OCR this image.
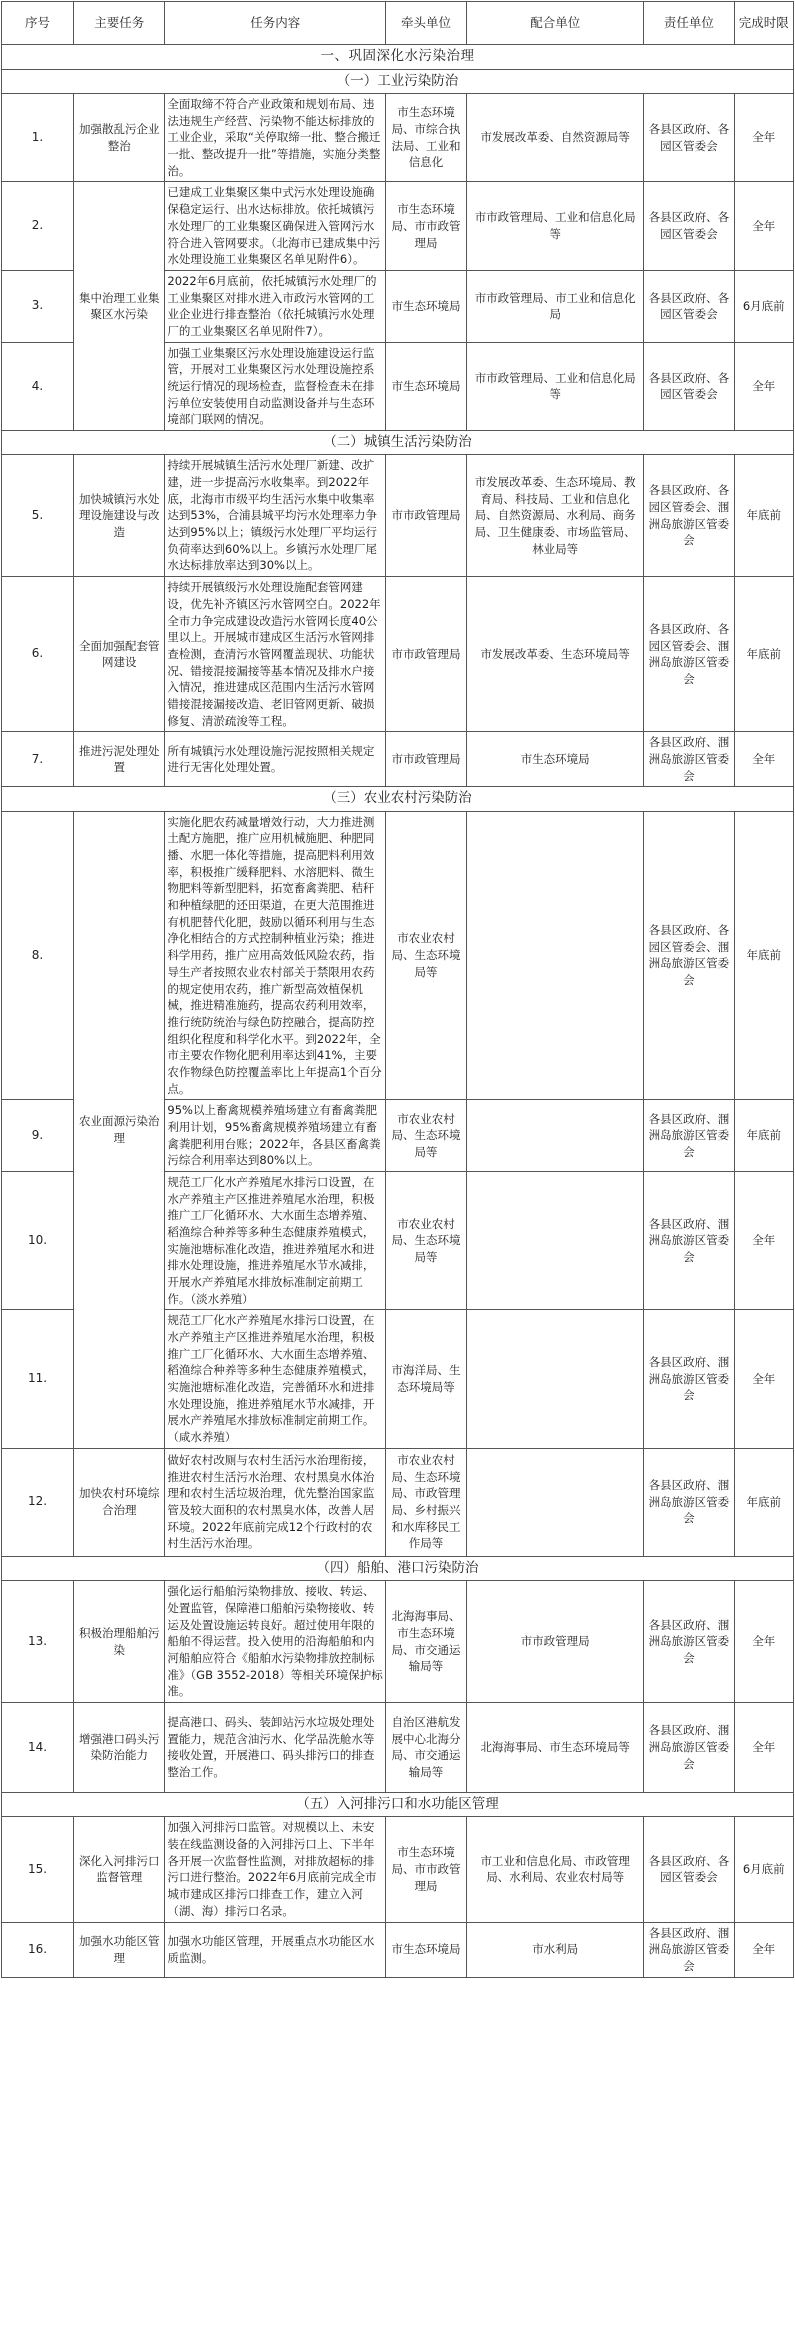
序号	主要任务	任务内容	牵头单位	配合单位	责任单位	完成时限
一、巩固深化水污染治理						
（一）工业污染防治						
1.	加强散乱污企业整治	全面取缔不符合产业政策和规划布局、违法违规生产经营、污染物不能达标排放的工业企业，采取“关停取缔一批、整合搬迁一批、整改提升一批”等措施，实施分类整治。	市生态环境局、市综合执法局、工业和信息化	市发展改革委、自然资源局等	各县区政府、各园区管委会	全年
2.	集中治理工业集聚区水污染	已建成工业集聚区集中式污水处理设施确保稳定运行、出水达标排放。依托城镇污水处理厂的工业集聚区确保进入管网污水符合进入管网要求。（北海市已建成集中污水处理设施工业集聚区名单见附件6）。	市生态环境局、市市政管理局	市市政管理局、工业和信息化局等	各县区政府、各园区管委会	全年
3.		2022年6月底前，依托城镇污水处理厂的工业集聚区对排水进入市政污水管网的工业企业进行排查整治（依托城镇污水处理厂的工业集聚区名单见附件7）。	市生态环境局	市市政管理局、市工业和信息化局	各县区政府、各园区管委会	6月底前
4.		加强工业集聚区污水处理设施建设运行监管，开展对工业集聚区污水处理设施控系统运行情况的现场检查，监督检查未在排污单位安装使用自动监测设备并与生态环境部门联网的情况。	市生态环境局	市市政管理局、工业和信息化局等	各县区政府、各园区管委会	全年
（二）城镇生活污染防治						
5.	加快城镇污水处理设施建设与改造	持续开展城镇生活污水处理厂新建、改扩建，进一步提高污水收集率。到2022年底，北海市市级平均生活污水集中收集率达到53%，合浦县城平均污水处理率力争达到95%以上；镇级污水处理厂平均运行负荷率达到60%以上。乡镇污水处理厂尾水达标排放率达到30%以上。	市市政管理局	市发展改革委、生态环境局、教育局、科技局、工业和信息化局、自然资源局、水利局、商务局、卫生健康委、市场监管局、林业局等	各县区政府、各园区管委会、涠洲岛旅游区管委会	年底前
6.	全面加强配套管网建设	持续开展镇级污水处理设施配套管网建设，优先补齐镇区污水管网空白。2022年全市力争完成建设改造污水管网长度40公里以上。开展城市建成区生活污水管网排查检测，查清污水管网覆盖现状、功能状况、错接混接漏接等基本情况及排水户接入情况，推进建成区范围内生活污水管网错接混接漏接改造、老旧管网更新、破损修复、清淤疏浚等工程。	市市政管理局	市发展改革委、生态环境局等	各县区政府、各园区管委会、涠洲岛旅游区管委会	年底前
7.	推进污泥处理处置	所有城镇污水处理设施污泥按照相关规定进行无害化处理处置。	市市政管理局	市生态环境局	各县区政府、涠洲岛旅游区管委会	全年
（三）农业农村污染防治						
8.	农业面源污染治理	实施化肥农药减量增效行动，大力推进测土配方施肥，推广应用机械施肥、种肥同播、水肥一体化等措施，提高肥料利用效率，积极推广缓释肥料、水溶肥料、微生物肥料等新型肥料，拓宽畜禽粪肥、秸秆和种植绿肥的还田渠道，在更大范围推进有机肥替代化肥，鼓励以循环利用与生态净化相结合的方式控制种植业污染；推进科学用药，推广应用高效低风险农药，指导生产者按照农业农村部关于禁限用农药的规定使用农药，推广新型高效植保机械，推进精准施药，提高农药利用效率，推行统防统治与绿色防控融合，提高防控组织化程度和科学化水平。到2022年，全市主要农作物化肥利用率达到41%，主要农作物绿色防控覆盖率比上年提高1个百分点。	市农业农村局、生态环境局等		各县区政府、各园区管委会、涠洲岛旅游区管委会	年底前
9.		95%以上畜禽规模养殖场建立有畜禽粪肥利用计划，95%畜禽规模养殖场建立有畜禽粪肥利用台账；2022年，各县区畜禽粪污综合利用率达到80%以上。	市农业农村局、生态环境局等		各县区政府、涠洲岛旅游区管委会	年底前
10.		规范工厂化水产养殖尾水排污口设置，在水产养殖主产区推进养殖尾水治理，积极推广工厂化循环水、大水面生态增养殖、稻渔综合种养等多种生态健康养殖模式，实施池塘标准化改造，推进养殖尾水和进排水处理设施，推进养殖尾水节水减排，开展水产养殖尾水排放标准制定前期工作。（淡水养殖）	市农业农村局、生态环境局等		各县区政府、涠洲岛旅游区管委会	全年
11.		规范工厂化水产养殖尾水排污口设置，在水产养殖主产区推进养殖尾水治理，积极推广工厂化循环水、大水面生态增养殖、稻渔综合种养等多种生态健康养殖模式，实施池塘标准化改造，完善循环水和进排水处理设施，推进养殖尾水节水减排，开展水产养殖尾水排放标准制定前期工作。（咸水养殖）	市海洋局、生态环境局等		各县区政府、涠洲岛旅游区管委会	全年
12.	加快农村环境综合治理	做好农村改厕与农村生活污水治理衔接，推进农村生活污水治理、农村黑臭水体治理和农村生活垃圾治理，优先整治国家监管及较大面积的农村黑臭水体，改善人居环境。2022年底前完成12个行政村的农村生活污水治理。	市农业农村局、生态环境局、市政管理局、乡村振兴和水库移民工作局等		各县区政府、涠洲岛旅游区管委会	年底前
（四）船舶、港口污染防治						
13.	积极治理船舶污染	强化运行船舶污染物排放、接收、转运、处置监管，保障港口船舶污染物接收、转运及处置设施运转良好。超过使用年限的船舶不得运营。投入使用的沿海船舶和内河船舶应符合《船舶水污染物排放控制标准》（GB 3552-2018）等相关环境保护标准。	北海海事局、市生态环境局、市交通运输局等	市市政管理局	各县区政府、涠洲岛旅游区管委会	全年
14.	增强港口码头污染防治能力	提高港口、码头、装卸站污水垃圾处理处置能力，规范含油污水、化学品洗舱水等接收处置，开展港口、码头排污口的排查整治工作。	自治区港航发展中心北海分局、市交通运输局等	北海海事局、市生态环境局等	各县区政府、涠洲岛旅游区管委会	全年
（五）入河排污口和水功能区管理						
15.	深化入河排污口监督管理	加强入河排污口监管。对规模以上、未安装在线监测设备的入河排污口上、下半年各开展一次监督性监测，对排放超标的排污口进行整治。2022年6月底前完成全市城市建成区排污口排查工作，建立入河（湖、海）排污口名录。	市生态环境局、市市政管理局	市工业和信息化局、市政管理局、水利局、农业农村局等	各县区政府、各园区管委会	6月底前
16.	加强水功能区管理	加强水功能区管理，开展重点水功能区水质监测。	市生态环境局	市水利局	各县区政府、涠洲岛旅游区管委会	全年
